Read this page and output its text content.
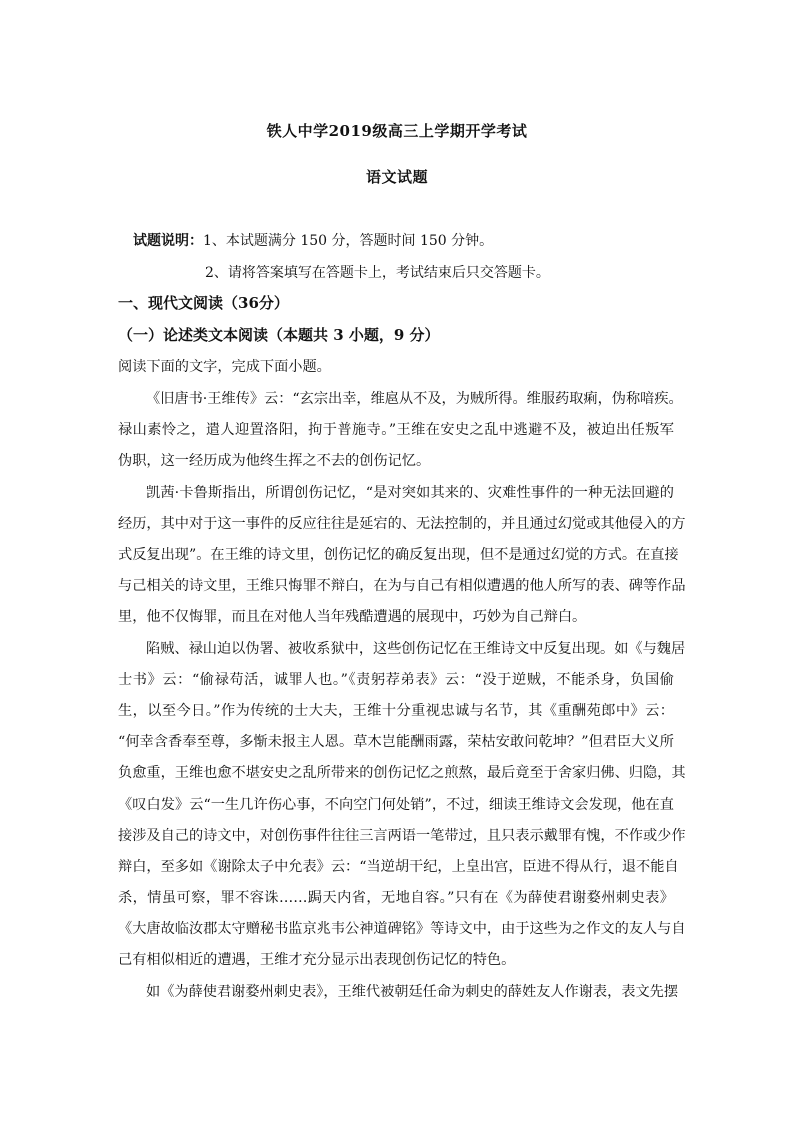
铁人中学2019级高三上学期开学考试
语文试题
试题说明：1、本试题满分 150 分，答题时间 150 分钟。
2、请将答案填写在答题卡上，考试结束后只交答题卡。
一、现代文阅读（36分）
（一）论述类文本阅读（本题共 3 小题，9 分）
阅读下面的文字，完成下面小题。
《旧唐书·王维传》云：“玄宗出幸，维扈从不及，为贼所得。维服药取痢，伪称喑疾。
禄山素怜之，遣人迎置洛阳，拘于普施寺。”王维在安史之乱中逃避不及，被迫出任叛军
伪职，这一经历成为他终生挥之不去的创伤记忆。
凯茜·卡鲁斯指出，所谓创伤记忆，“是对突如其来的、灾难性事件的一种无法回避的
经历，其中对于这一事件的反应往往是延宕的、无法控制的，并且通过幻觉或其他侵入的方
式反复出现”。在王维的诗文里，创伤记忆的确反复出现，但不是通过幻觉的方式。在直接
与己相关的诗文里，王维只悔罪不辩白，在为与自己有相似遭遇的他人所写的表、碑等作品
里，他不仅悔罪，而且在对他人当年残酷遭遇的展现中，巧妙为自己辩白。
陷贼、禄山迫以伪署、被收系狱中，这些创伤记忆在王维诗文中反复出现。如《与魏居
士书》云：“偷禄苟活，诚罪人也。”《责躬荐弟表》云：“没于逆贼，不能杀身，负国偷
生，以至今日。”作为传统的士大夫，王维十分重视忠诚与名节，其《重酬苑郎中》云：
“何幸含香奉至尊，多惭未报主人恩。草木岂能酬雨露，荣枯安敢问乾坤？”但君臣大义所
负愈重，王维也愈不堪安史之乱所带来的创伤记忆之煎熬，最后竟至于舍家归佛、归隐，其
《叹白发》云“一生几许伤心事，不向空门何处销”，不过，细读王维诗文会发现，他在直
接涉及自己的诗文中，对创伤事件往往三言两语一笔带过，且只表示戴罪有愧，不作或少作
辩白，至多如《谢除太子中允表》云：“当逆胡干纪，上皇出宫，臣进不得从行，退不能自
杀，情虽可察，罪不容诛……跼天内省，无地自容。”只有在《为薛使君谢婺州刺史表》
《大唐故临汝郡太守赠秘书监京兆韦公神道碑铭》等诗文中，由于这些为之作文的友人与自
己有相似相近的遭遇，王维才充分显示出表现创伤记忆的特色。
如《为薛使君谢婺州刺史表》，王维代被朝廷任命为刺史的薛姓友人作谢表，表文先摆
